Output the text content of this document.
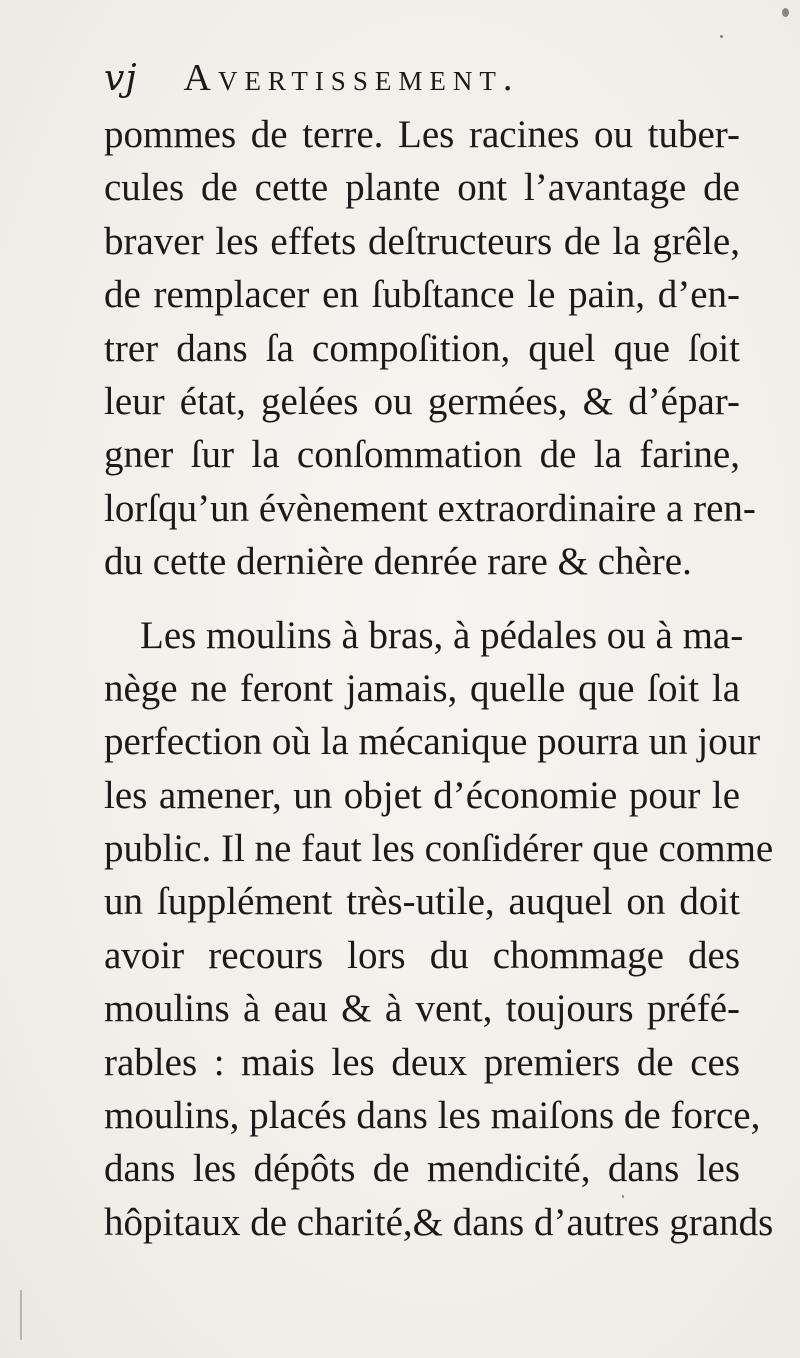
vj Avertissement.
pommes de terre. Les racines ou tuber-
cules de cette plante ont l’avantage de
braver les effets deſtructeurs de la grêle,
de remplacer en ſubſtance le pain, d’en-
trer dans ſa compoſition, quel que ſoit
leur état, gelées ou germées, & d’épar-
gner ſur la conſommation de la farine,
lorſqu’un évènement extraordinaire a ren-
du cette dernière denrée rare & chère.
Les moulins à bras, à pédales ou à ma-
nège ne feront jamais, quelle que ſoit la
perfection où la mécanique pourra un jour
les amener, un objet d’économie pour le
public. Il ne faut les conſidérer que comme
un ſupplément très-utile, auquel on doit
avoir recours lors du chommage des
moulins à eau & à vent, toujours préfé-
rables : mais les deux premiers de ces
moulins, placés dans les maiſons de force,
dans les dépôts de mendicité, dans les
hôpitaux de charité,& dans d’autres grands
